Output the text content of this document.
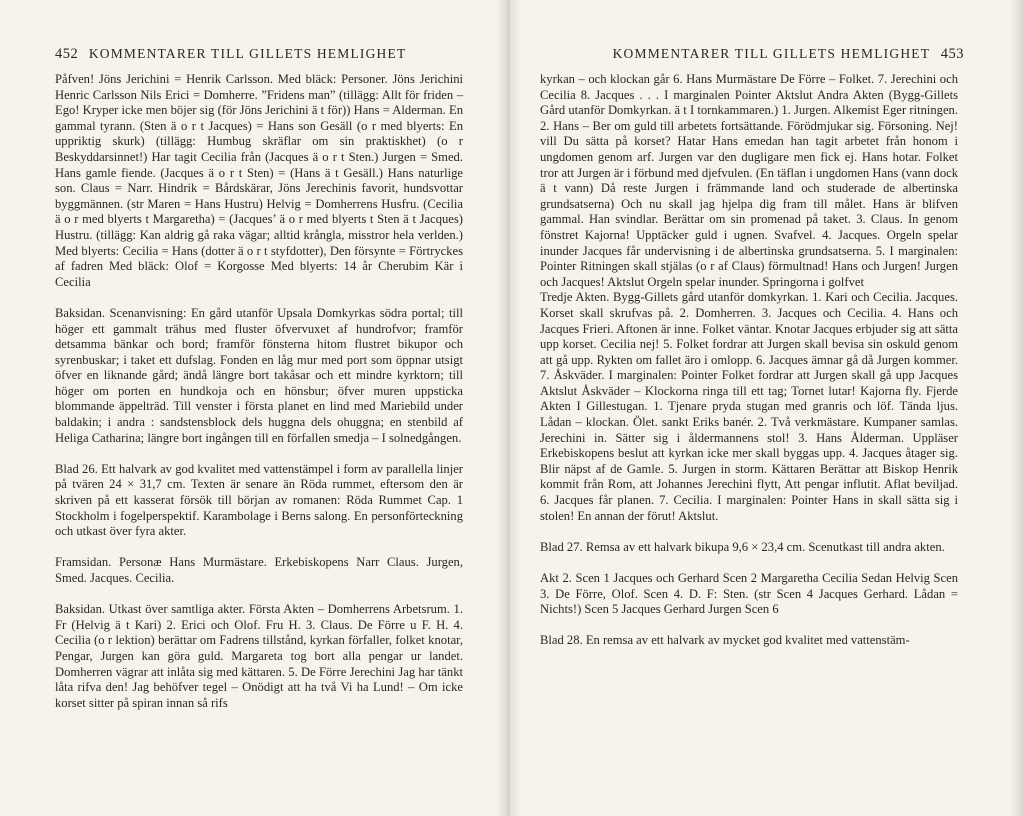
452 KOMMENTARER TILL GILLETS HEMLIGHET

Påfven! Jöns Jerichini = Henrik Carlsson. Med bläck: Personer. Jöns Jerichini Henric Carlsson Nils Erici = Domherre. ”Fridens man” (tillägg: Allt för friden – Ego! Kryper icke men böjer sig (för Jöns Jerichini ä t för)) Hans = Alderman. En gammal tyrann. (Sten ä o r t Jacques) = Hans son Gesäll (o r med blyerts: En uppriktig skurk) (tillägg: Humbug skräflar om sin praktiskhet) (o r Beskyddarsinnet!) Har tagit Cecilia från (Jacques ä o r t Sten.) Jurgen = Smed. Hans gamle fiende. (Jacques ä o r t Sten) = (Hans ä t Gesäll.) Hans naturlige son. Claus = Narr. Hindrik = Bårdskärar, Jöns Jerechinis favorit, hundsvottar byggmännen. (str Maren = Hans Hustru) Helvig = Domherrens Husfru. (Cecilia ä o r med blyerts t Margaretha) = (Jacques’ ä o r med blyerts t Sten ä t Jacques) Hustru. (tillägg: Kan aldrig gå raka vägar; alltid krångla, misstror hela verlden.) Med blyerts: Cecilia = Hans (dotter ä o r t styfdotter), Den försynte = Förtryckes af fadren Med bläck: Olof = Korgosse Med blyerts: 14 år Cherubim Kär i Cecilia

Baksidan. Scenanvisning: En gård utanför Upsala Domkyrkas södra portal; till höger ett gammalt trähus med fluster öfvervuxet af hundrofvor; framför detsamma bänkar och bord; framför fönsterna hitom flustret bikupor och syrenbuskar; i taket ett dufslag. Fonden en låg mur med port som öppnar utsigt öfver en liknande gård; ändå längre bort takåsar och ett mindre kyrktorn; till höger om porten en hundkoja och en hönsbur; öfver muren uppsticka blommande äppelträd. Till venster i första planet en lind med Mariebild under baldakin; i andra : sandstensblock dels huggna dels ohuggna; en stenbild af Heliga Catharina; längre bort ingången till en förfallen smedja – I solnedgången.

Blad 26. Ett halvark av god kvalitet med vattenstämpel i form av parallella linjer på tvären 24 × 31,7 cm. Texten är senare än Röda rummet, eftersom den är skriven på ett kasserat försök till början av romanen: Röda Rummet Cap. 1 Stockholm i fogelperspektif. Karambolage i Berns salong. En personförteckning och utkast över fyra akter.

Framsidan. Personæ Hans Murmästare. Erkebiskopens Narr Claus. Jurgen, Smed. Jacques. Cecilia.

Baksidan. Utkast över samtliga akter. Första Akten – Domherrens Arbetsrum. 1. Fr (Helvig ä t Kari) 2. Erici och Olof. Fru H. 3. Claus. De Förre u F. H. 4. Cecilia (o r lektion) berättar om Fadrens tillstånd, kyrkan förfaller, folket knotar, Pengar, Jurgen kan göra guld. Margareta tog bort alla pengar ur landet. Domherren vägrar att inlåta sig med kättaren. 5. De Förre Jerechini Jag har tänkt låta rifva den! Jag behöfver tegel – Onödigt att ha två Vi ha Lund! – Om icke korset sitter på spiran innan så rifs

KOMMENTARER TILL GILLETS HEMLIGHET 453

kyrkan – och klockan går 6. Hans Murmästare De Förre – Folket. 7. Jerechini och Cecilia 8. Jacques . . . I marginalen Pointer Aktslut Andra Akten (Bygg-Gillets Gård utanför Domkyrkan. ä t I tornkammaren.) 1. Jurgen. Alkemist Eger ritningen. 2. Hans – Ber om guld till arbetets fortsättande. Förödmjukar sig. Försoning. Nej! vill Du sätta på korset? Hatar Hans emedan han tagit arbetet från honom i ungdomen genom arf. Jurgen var den dugligare men fick ej. Hans hotar. Folket tror att Jurgen är i förbund med djefvulen. (En täflan i ungdomen Hans (vann dock ä t vann) Då reste Jurgen i främmande land och studerade de albertinska grundsatserna) Och nu skall jag hjelpa dig fram till målet. Hans är blifven gammal. Han svindlar. Berättar om sin promenad på taket. 3. Claus. In genom fönstret Kajorna! Upptäcker guld i ugnen. Svafvel. 4. Jacques. Orgeln spelar inunder Jacques får undervisning i de albertinska grundsatserna. 5. I marginalen: Pointer Ritningen skall stjälas (o r af Claus) förmultnad! Hans och Jurgen! Jurgen och Jacques! Aktslut Orgeln spelar inunder. Springorna i golfvet

Tredje Akten. Bygg-Gillets gård utanför domkyrkan. 1. Kari och Cecilia. Jacques. Korset skall skrufvas på. 2. Domherren. 3. Jacques och Cecilia. 4. Hans och Jacques Frieri. Aftonen är inne. Folket väntar. Knotar Jacques erbjuder sig att sätta upp korset. Cecilia nej! 5. Folket fordrar att Jurgen skall bevisa sin oskuld genom att gå upp. Rykten om fallet äro i omlopp. 6. Jacques ämnar gå då Jurgen kommer. 7. Åskväder. I marginalen: Pointer Folket fordrar att Jurgen skall gå upp Jacques Aktslut Åskväder – Klockorna ringa till ett tag; Tornet lutar! Kajorna fly. Fjerde Akten I Gillestugan. 1. Tjenare pryda stugan med granris och löf. Tända ljus. Lådan – klockan. Ölet. sankt Eriks banér. 2. Två verkmästare. Kumpaner samlas. Jerechini in. Sätter sig i åldermannens stol! 3. Hans Ålderman. Uppläser Erkebiskopens beslut att kyrkan icke mer skall byggas upp. 4. Jacques åtager sig. Blir näpst af de Gamle. 5. Jurgen in storm. Kättaren Berättar att Biskop Henrik kommit från Rom, att Johannes Jerechini flytt, Att pengar influtit. Aflat beviljad. 6. Jacques får planen. 7. Cecilia. I marginalen: Pointer Hans in skall sätta sig i stolen! En annan der förut! Aktslut.

Blad 27. Remsa av ett halvark bikupa 9,6 × 23,4 cm. Scenutkast till andra akten.

Akt 2. Scen 1 Jacques och Gerhard Scen 2 Margaretha Cecilia Sedan Helvig Scen 3. De Förre, Olof. Scen 4. D. F: Sten. (str Scen 4 Jacques Gerhard. Lådan = Nichts!) Scen 5 Jacques Gerhard Jurgen Scen 6

Blad 28. En remsa av ett halvark av mycket god kvalitet med vattenstäm-
